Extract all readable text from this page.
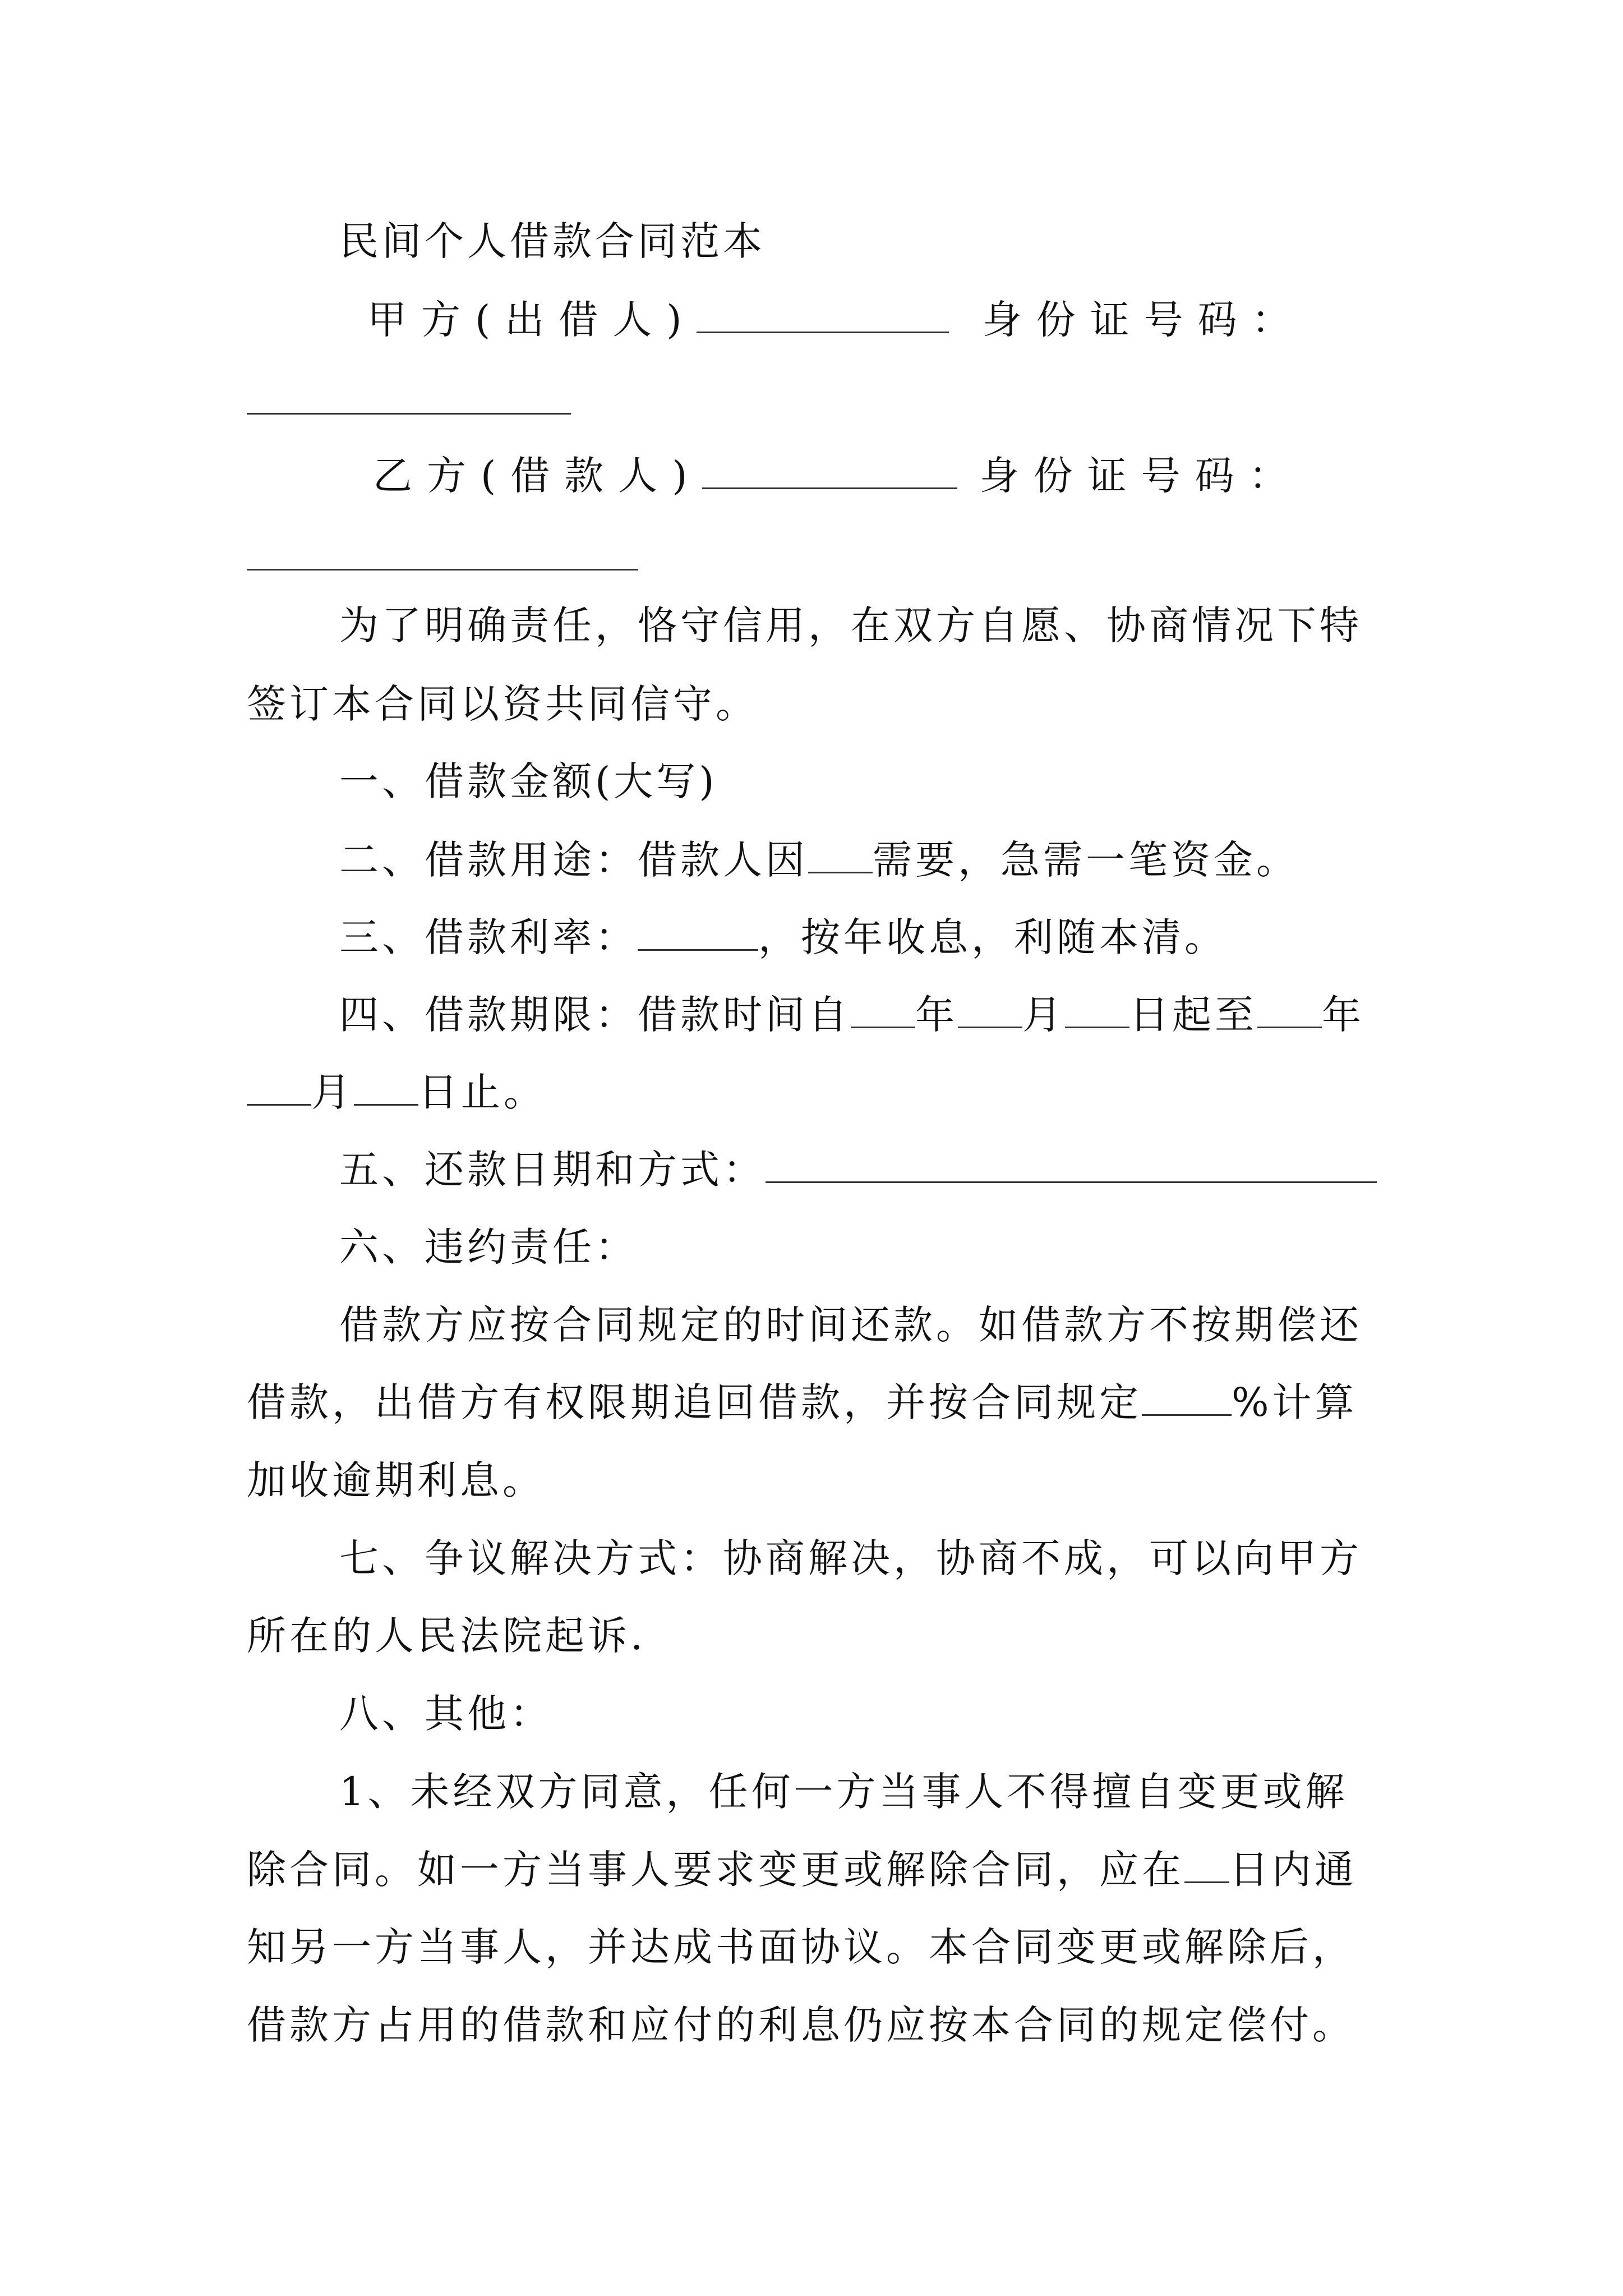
民间个人借款合同范本
甲方(出借人)	身份证号码：
乙方(借款人)	身份证号码：
为了明确责任，恪守信用，在双方自愿、协商情况下特
签订本合同以资共同信守。
一、借款金额(大写)
二、借款用途：借款人因 需要，急需一笔资金。
三、借款利率：	，按年收息，利随本清。
四、借款期限：借款时间自 年 月 日起至 年
月 日止。
五、还款日期和方式：
六、违约责任：
借款方应按合同规定的时间还款。如借款方不按期偿还
借款，出借方有权限期追回借款，并按合同规定 %计算
加收逾期利息。
七、争议解决方式：协商解决，协商不成，可以向甲方
所在的人民法院起诉.
八、其他：
1、未经双方同意，任何一方当事人不得擅自变更或解
除合同。如一方当事人要求变更或解除合同，应在 日内通
知另一方当事人，并达成书面协议。本合同变更或解除后，
借款方占用的借款和应付的利息仍应按本合同的规定偿付。
